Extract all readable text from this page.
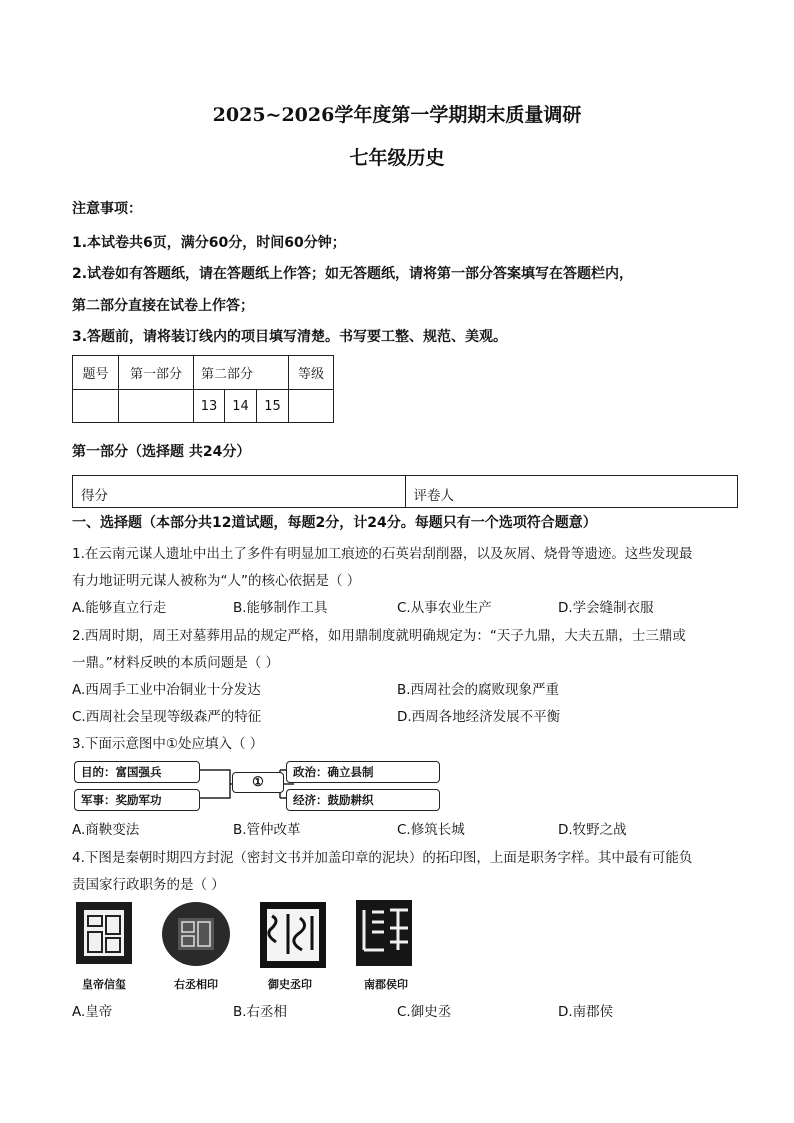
2025~2026学年度第一学期期末质量调研
七年级历史
注意事项：
1.本试卷共6页，满分60分，时间60分钟；
2.试卷如有答题纸，请在答题纸上作答；如无答题纸，请将第一部分答案填写在答题栏内，
第二部分直接在试卷上作答；
3.答题前，请将装订线内的项目填写清楚。书写要工整、规范、美观。
题号	第一部分	第二部分			等级
		13	14	15	
第一部分（选择题 共24分）
得分	评卷人
一、选择题（本部分共12道试题，每题2分，计24分。每题只有一个选项符合题意）
1.在云南元谋人遗址中出土了多件有明显加工痕迹的石英岩刮削器，以及灰屑、烧骨等遗迹。这些发现最
有力地证明元谋人被称为“人”的核心依据是（ ）
A.能够直立行走	B.能够制作工具	C.从事农业生产	D.学会缝制衣服
2.西周时期，周王对墓葬用品的规定严格，如用鼎制度就明确规定为：“天子九鼎，大夫五鼎，士三鼎或
一鼎。”材料反映的本质问题是（ ）
A.西周手工业中冶铜业十分发达	B.西周社会的腐败现象严重
C.西周社会呈现等级森严的特征	D.西周各地经济发展不平衡
3.下面示意图中①处应填入（ ）
目的：富国强兵
军事：奖励军功
①
政治：确立县制
经济：鼓励耕织
A.商鞅变法	B.管仲改革	C.修筑长城	D.牧野之战
4.下图是秦朝时期四方封泥（密封文书并加盖印章的泥块）的拓印图，上面是职务字样。其中最有可能负
责国家行政职务的是（ ）
皇帝信玺	右丞相印	御史丞印	南郡侯印
A.皇帝	B.右丞相	C.御史丞	D.南郡侯
